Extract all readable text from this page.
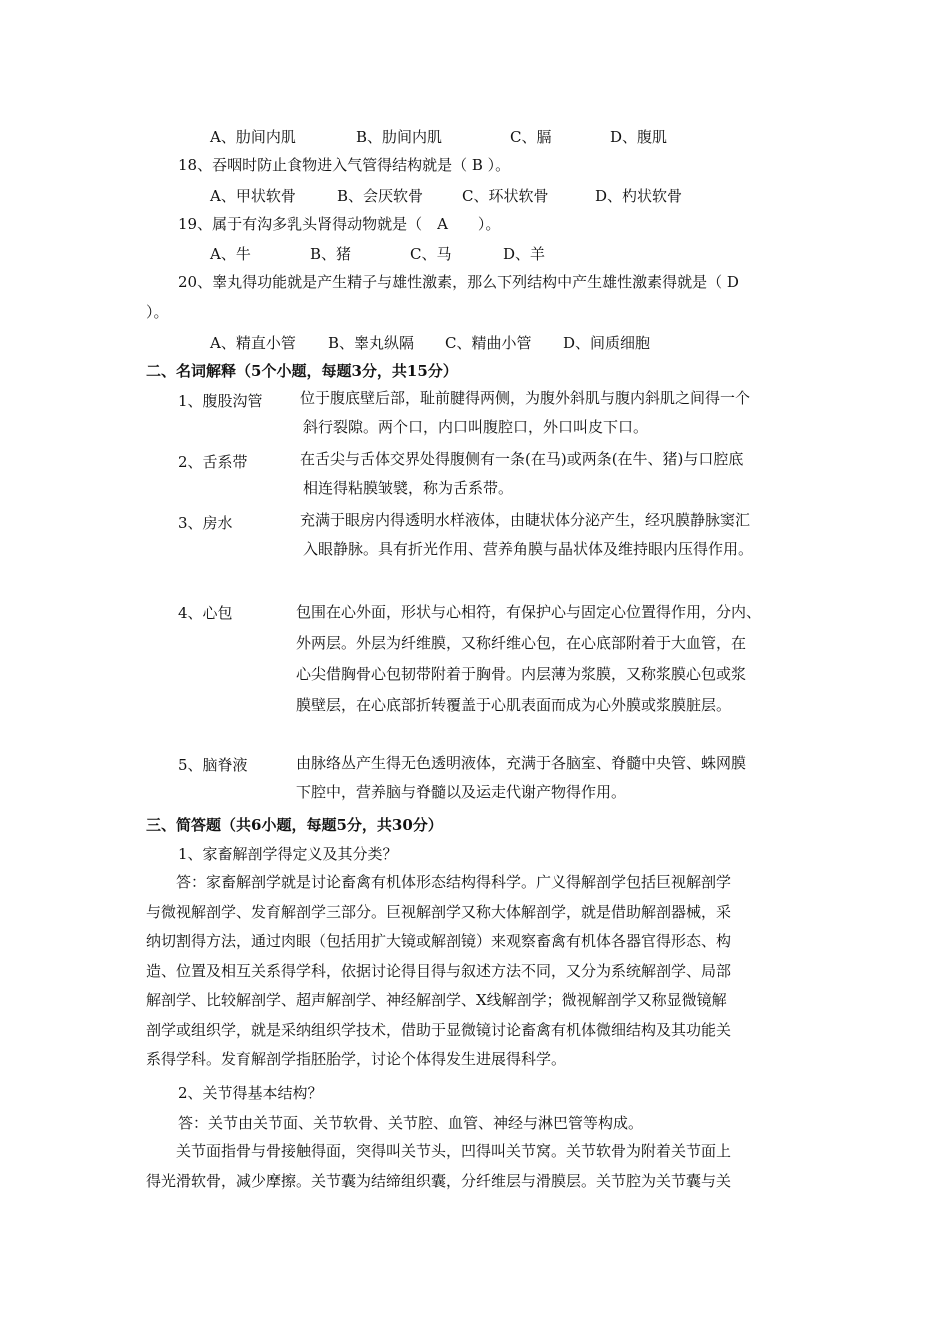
A、肋间内肌	B、肋间内肌	C、膈	D、腹肌
18、吞咽时防止食物进入气管得结构就是（ B ）。
A、甲状软骨	B、会厌软骨	C、环状软骨	D、杓状软骨
19、属于有沟多乳头肾得动物就是（　A　　）。
A、牛	B、猪	C、马	D、羊
20、睾丸得功能就是产生精子与雄性激素，那么下列结构中产生雄性激素得就是（ D
）。
A、精直小管 B、睾丸纵隔 C、精曲小管 D、间质细胞
二、名词解释（5个小题，每题3分，共15分）
1、腹股沟管 位于腹底壁后部，耻前腱得两侧，为腹外斜肌与腹内斜肌之间得一个
斜行裂隙。两个口，内口叫腹腔口，外口叫皮下口。
2、舌系带	在舌尖与舌体交界处得腹侧有一条(在马)或两条(在牛、猪)与口腔底
相连得粘膜皱襞，称为舌系带。
3、房水	充满于眼房内得透明水样液体，由睫状体分泌产生，经巩膜静脉窦汇
入眼静脉。具有折光作用、营养角膜与晶状体及维持眼内压得作用。
4、心包	包围在心外面，形状与心相符，有保护心与固定心位置得作用，分内、
外两层。外层为纤维膜，又称纤维心包，在心底部附着于大血管，在
心尖借胸骨心包韧带附着于胸骨。内层薄为浆膜，又称浆膜心包或浆
膜壁层，在心底部折转覆盖于心肌表面而成为心外膜或浆膜脏层。
5、脑脊液	由脉络丛产生得无色透明液体，充满于各脑室、脊髓中央管、蛛网膜
下腔中，营养脑与脊髓以及运走代谢产物得作用。
三、简答题（共6小题，每题5分，共30分）
1、家畜解剖学得定义及其分类？
答：家畜解剖学就是讨论畜禽有机体形态结构得科学。广义得解剖学包括巨视解剖学
与微视解剖学、发育解剖学三部分。巨视解剖学又称大体解剖学，就是借助解剖器械，采
纳切割得方法，通过肉眼（包括用扩大镜或解剖镜）来观察畜禽有机体各器官得形态、构
造、位置及相互关系得学科，依据讨论得目得与叙述方法不同，又分为系统解剖学、局部
解剖学、比较解剖学、超声解剖学、神经解剖学、X线解剖学；微视解剖学又称显微镜解
剖学或组织学，就是采纳组织学技术，借助于显微镜讨论畜禽有机体微细结构及其功能关
系得学科。发育解剖学指胚胎学，讨论个体得发生进展得科学。
2、关节得基本结构？
答：关节由关节面、关节软骨、关节腔、血管、神经与淋巴管等构成。
关节面指骨与骨接触得面，突得叫关节头，凹得叫关节窝。关节软骨为附着关节面上
得光滑软骨，减少摩擦。关节囊为结缔组织囊，分纤维层与滑膜层。关节腔为关节囊与关
